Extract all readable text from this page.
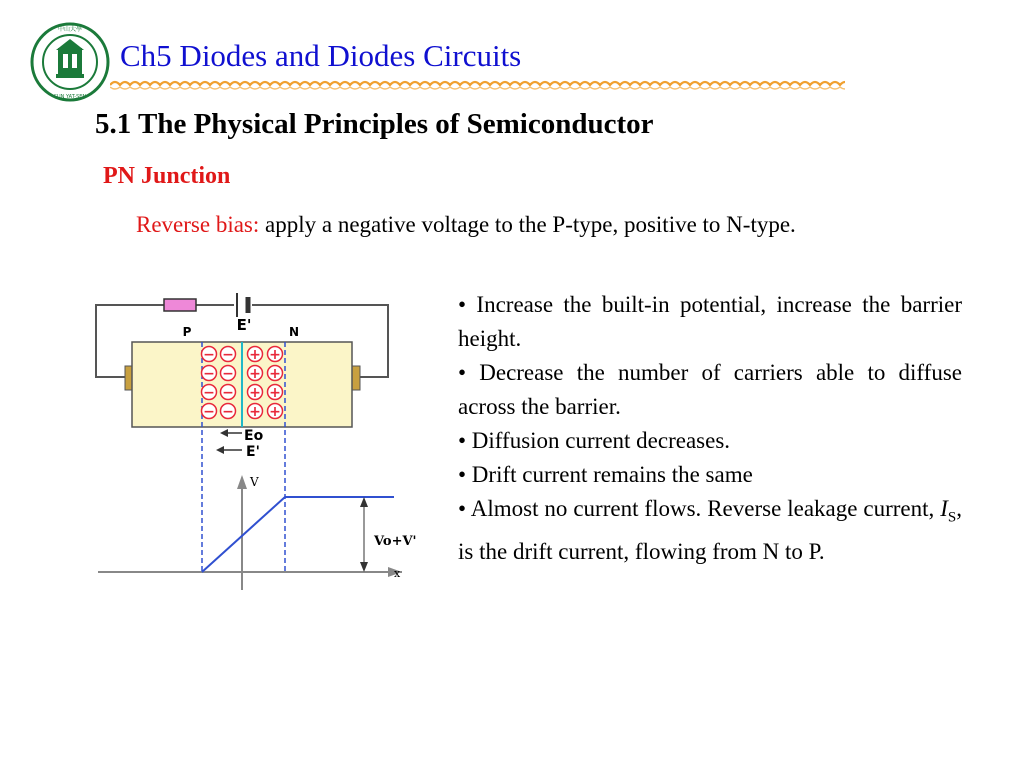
中山大學
SUN YAT-SEN
Ch5 Diodes and Diodes Circuits
5.1 The Physical Principles of Semiconductor
PN Junction
Reverse bias: apply a negative voltage to the P-type, positive to N-type.
E'
P	N
− − + +
− − + +
− − + +
− − + +
Eo
E'
x
V
Vo+V'
• Increase the built-in potential, increase the barrier height.
• Decrease the number of carriers able to diffuse across the barrier.
• Diffusion current decreases.
• Drift current remains the same
• Almost no current flows. Reverse leakage current, $I_S$, is the drift current, flowing from N to P.
